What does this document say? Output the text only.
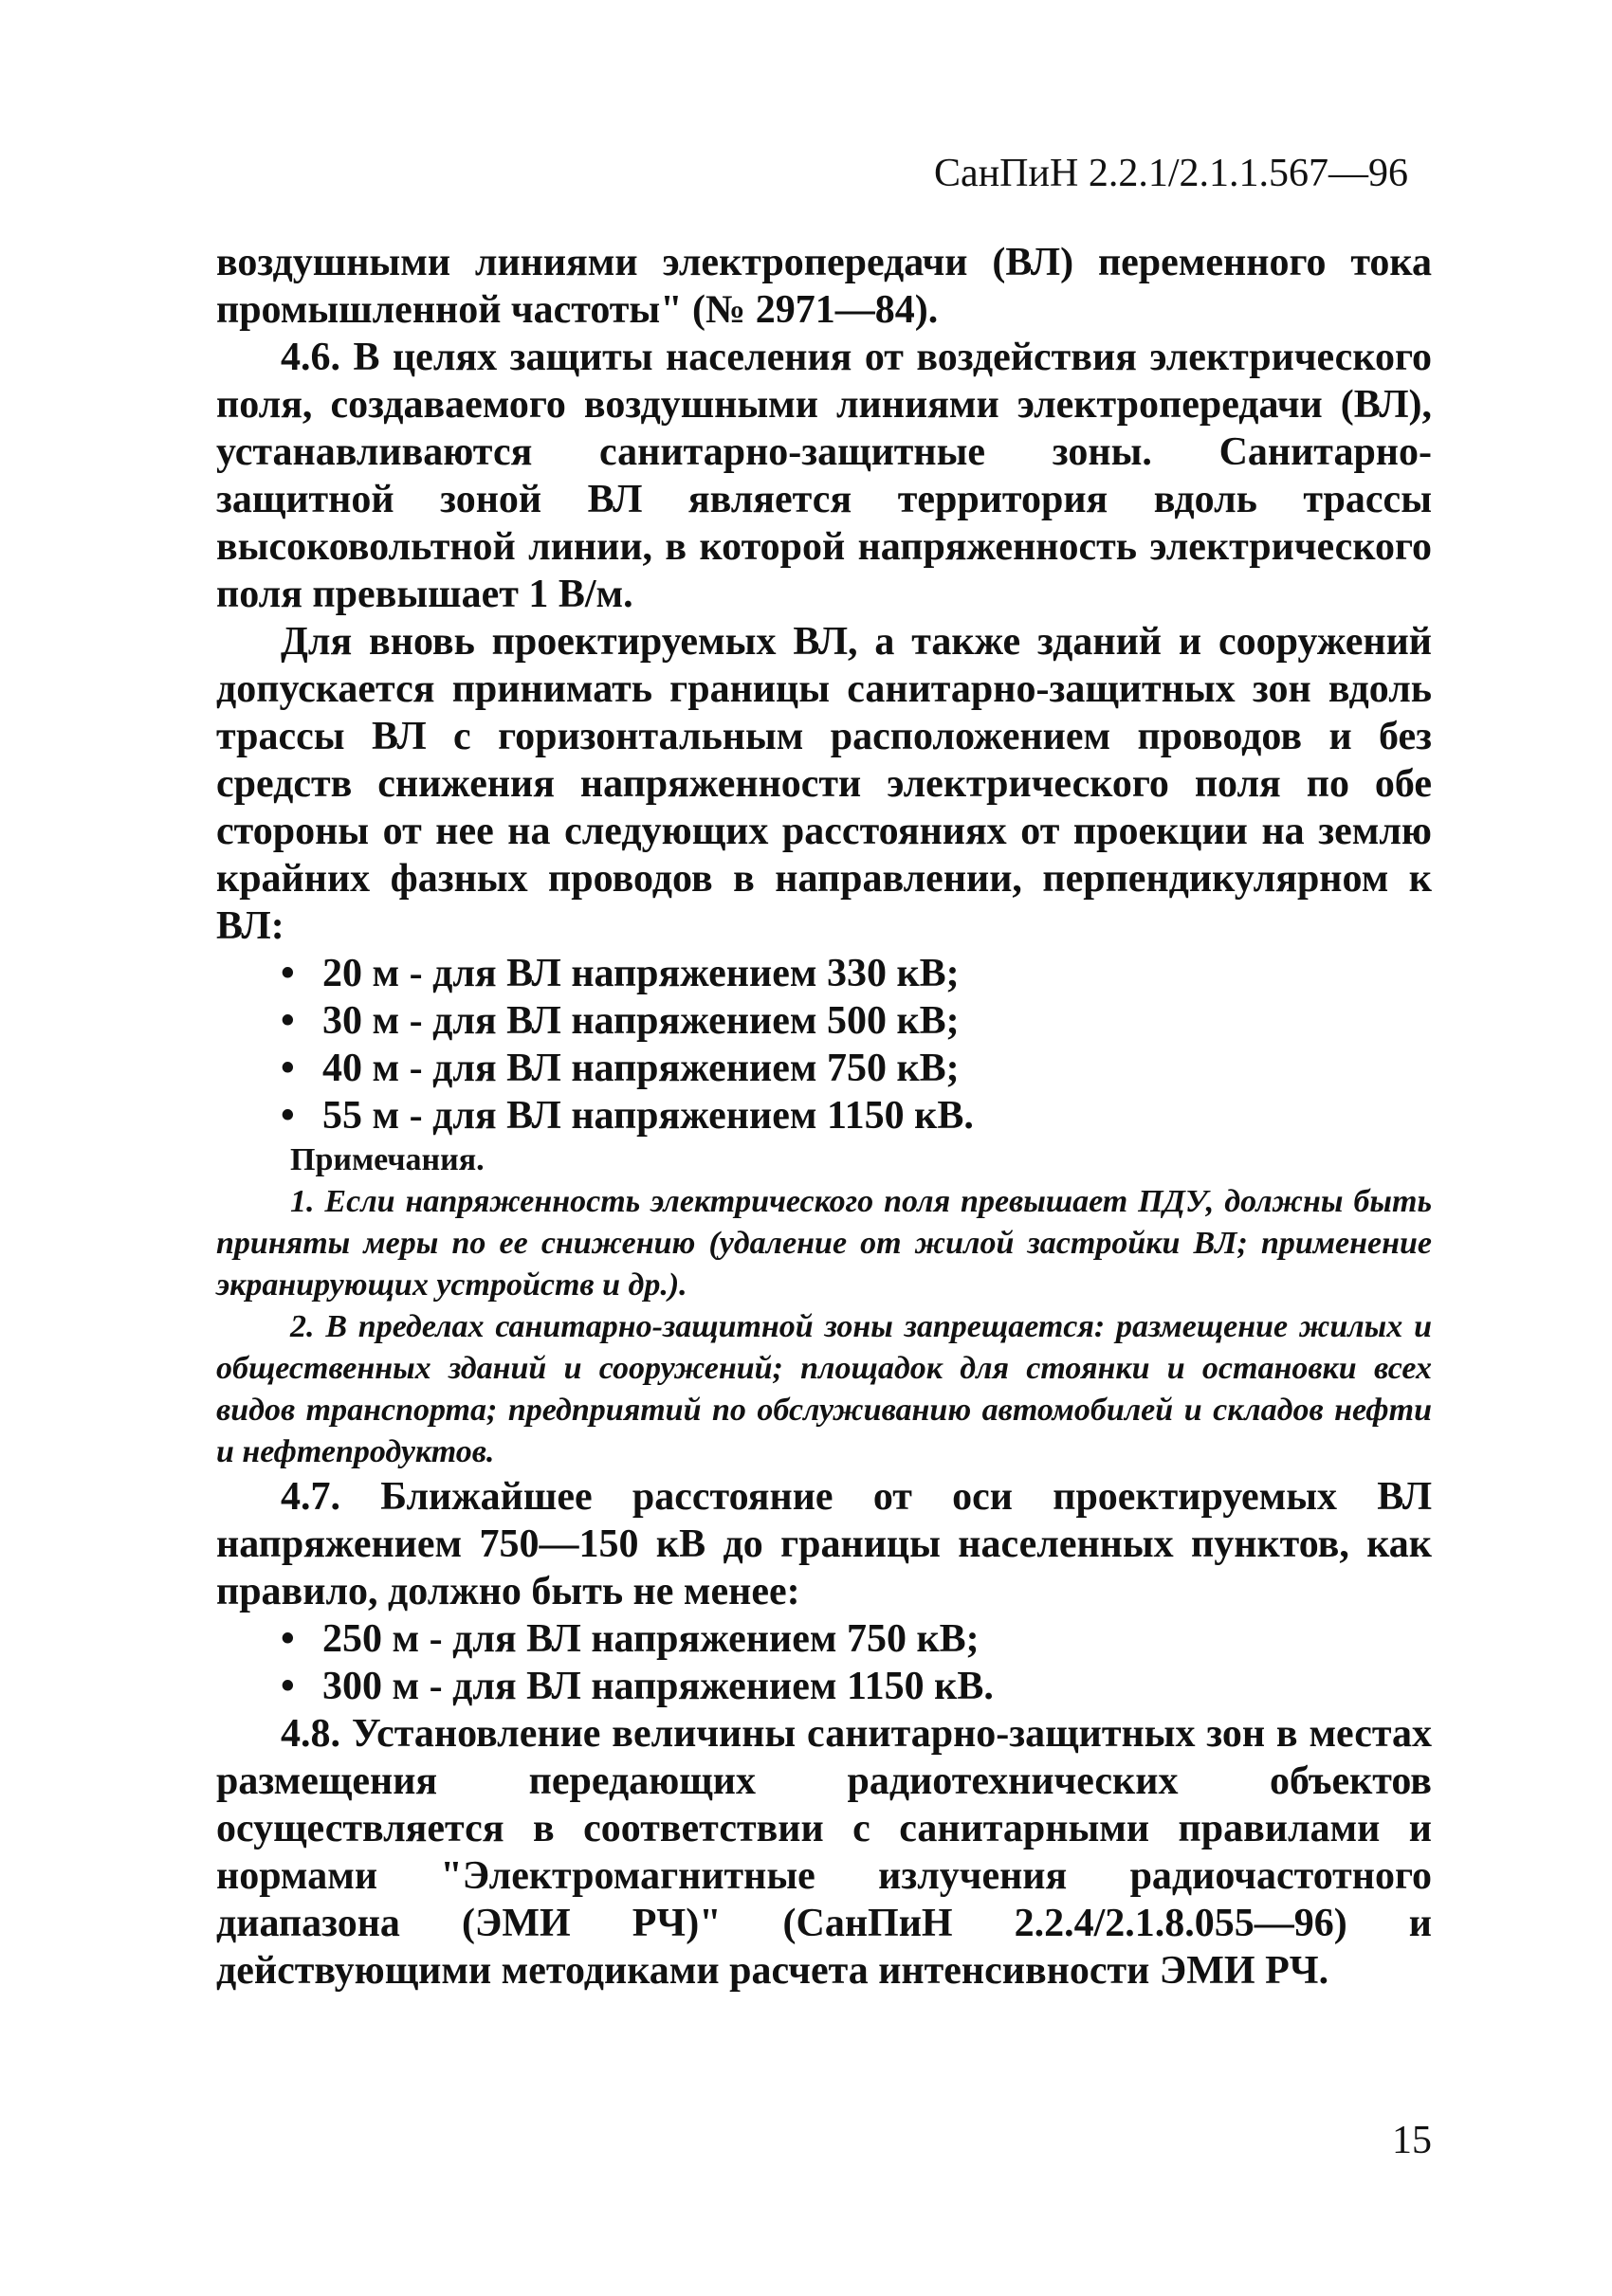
СанПиН 2.2.1/2.1.1.567—96

воздушными линиями электропередачи (ВЛ) переменного тока промышленной частоты" (№ 2971—84).

4.6. В целях защиты населения от воздействия электрического поля, создаваемого воздушными линиями электропередачи (ВЛ), устанавливаются санитарно-защитные зоны. Санитарно-защитной зоной ВЛ является территория вдоль трассы высоковольтной линии, в которой напряженность электрического поля превышает 1 В/м.

Для вновь проектируемых ВЛ, а также зданий и сооружений допускается принимать границы санитарно-защитных зон вдоль трассы ВЛ с горизонтальным расположением проводов и без средств снижения напряженности электрического поля по обе стороны от нее на следующих расстояниях от проекции на землю крайних фазных проводов в направлении, перпендикулярном к ВЛ:

• 20 м - для ВЛ напряжением 330 кВ;
• 30 м - для ВЛ напряжением 500 кВ;
• 40 м - для ВЛ напряжением 750 кВ;
• 55 м - для ВЛ напряжением 1150 кВ.

Примечания.

1. Если напряженность электрического поля превышает ПДУ, должны быть приняты меры по ее снижению (удаление от жилой застройки ВЛ; применение экранирующих устройств и др.).

2. В пределах санитарно-защитной зоны запрещается: размещение жилых и общественных зданий и сооружений; площадок для стоянки и остановки всех видов транспорта; предприятий по обслуживанию автомобилей и складов нефти и нефтепродуктов.

4.7. Ближайшее расстояние от оси проектируемых ВЛ напряжением 750—150 кВ до границы населенных пунктов, как правило, должно быть не менее:

• 250 м - для ВЛ напряжением 750 кВ;
• 300 м - для ВЛ напряжением 1150 кВ.

4.8. Установление величины санитарно-защитных зон в местах размещения передающих радиотехнических объектов осуществляется в соответствии с санитарными правилами и нормами "Электромагнитные излучения радиочастотного диапазона (ЭМИ РЧ)" (СанПиН 2.2.4/2.1.8.055—96) и действующими методиками расчета интенсивности ЭМИ РЧ.

15
